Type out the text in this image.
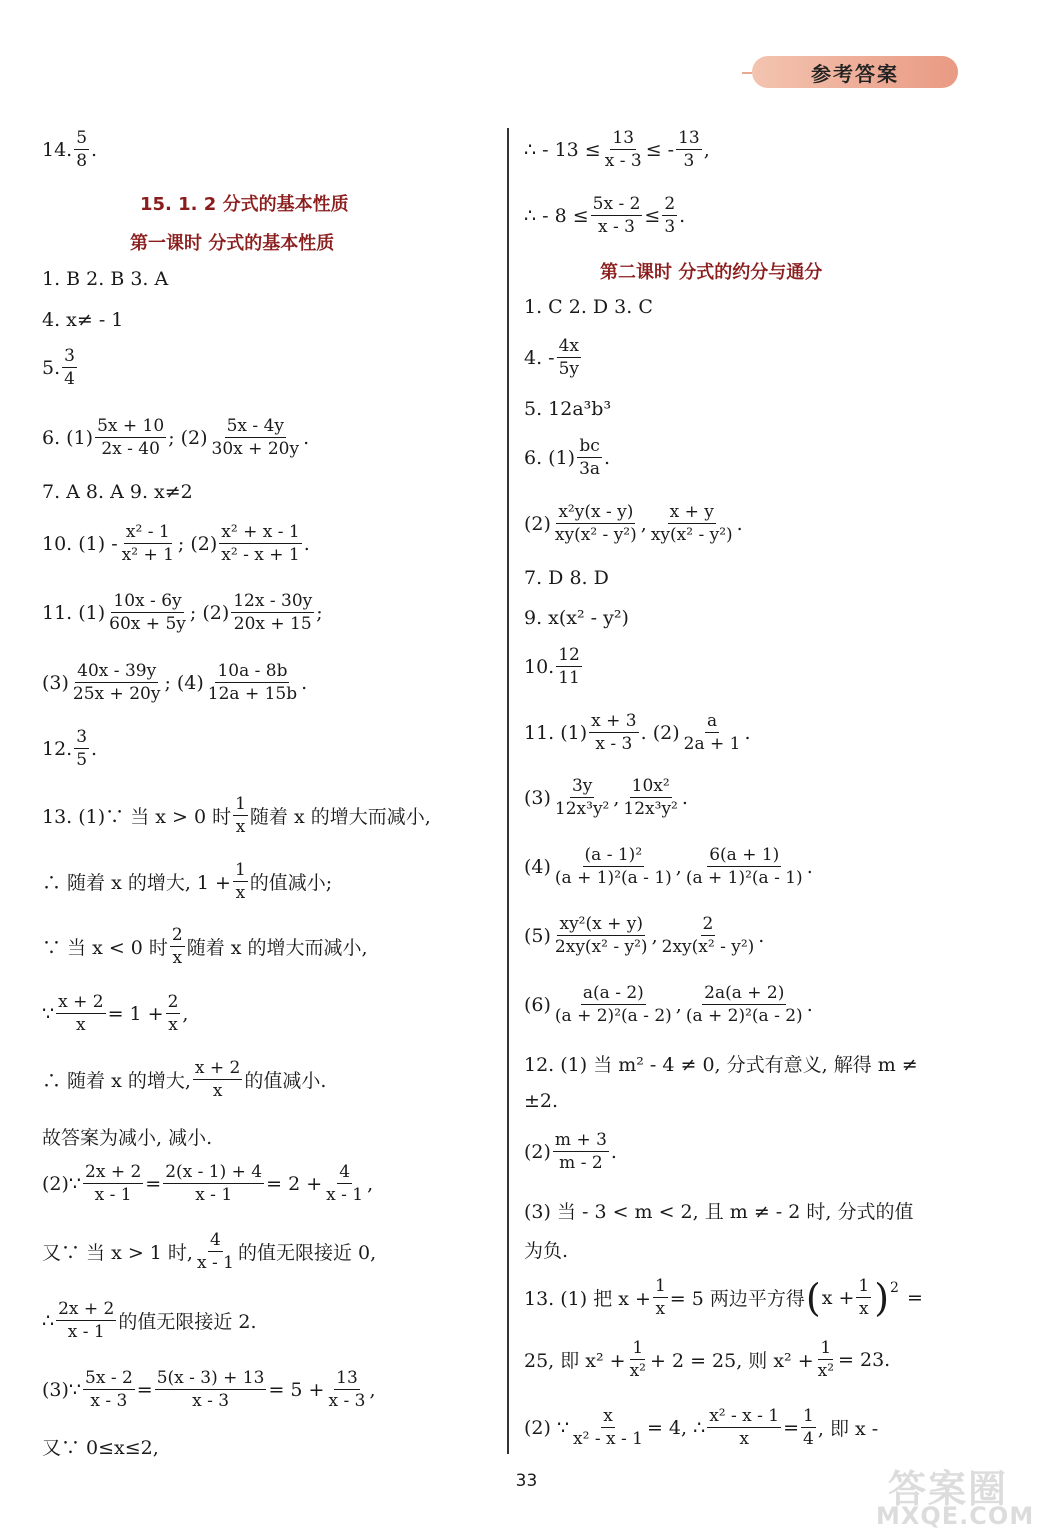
参考答案
14. $\frac{5}{8}$ .
15. 1. 2 分式的基本性质
第一课时 分式的基本性质
1. B 2. B 3. A
4. x≠ - 1
5. $\frac{3}{4}$
6. $(1) \frac{5x + 10}{2x - 40}$ ; $(2) \frac{5x - 4y}{30x + 20y}$ .
7. A 8. A 9. x≠2
10. $(1) - \frac{\text{x² - 1}}{\text{x² + 1}}$ ; $(2) \frac{\text{x² + x - 1}}{\text{x² - x + 1}}$ .
11. $(1) \frac{10x - 6y}{60x + 5y}$ ; $(2) \frac{12x - 30y}{20x + 15}$ ;
$(3) \frac{40x - 39y}{25x + 20y}$ ; $(4) \frac{10a - 8b}{12a + 15b}$ .
12. $\frac{3}{5}$ .
13. (1)∵ 当 x > 0 时 $\frac{1}{x}$ 随着 x 的增大而减小,
∴ 随着 x 的增大, $1 + \frac{1}{x}$ 的值减小;
∵ 当 x < 0 时 $\frac{2}{x}$ 随着 x 的增大而减小,
∵ $\frac{x + 2}{x} = 1 + \frac{2}{x}$ ,
∴ 随着 x 的增大, $\frac{x + 2}{x}$ 的值减小.
故答案为减小, 减小.
(2)∵ $\frac{2x + 2}{x - 1} = \frac{2(x - 1) + 4}{x - 1} = 2 + \frac{4}{x - 1}$ ,
又∵ 当 x > 1 时, $\frac{4}{x - 1}$ 的值无限接近 0,
∴ $\frac{2x + 2}{x - 1}$ 的值无限接近 2.
(3)∵ $\frac{5x - 2}{x - 3} = \frac{5(x - 3) + 13}{x - 3} = 5 + \frac{13}{x - 3}$ ,
又∵ 0≤x≤2,
∴ - $13 \le \frac{13}{x - 3}$ ≤ - $\frac{13}{3}$ ,
∴ - $8 \le \frac{5x - 2}{x - 3} \le \frac{2}{3}$ .
第二课时 分式的约分与通分
1. C 2. D 3. C
4. - $\frac{4x}{5y}$
5. 12a³b³
6. $(1) \frac{bc}{3a}$ .
$(2) \frac{\text{x²y(x - y)}}{\text{xy(x² - y²)}}$ , $\frac{x + y}{\text{xy(x² - y²)}}$ .
7. D 8. D
9. x(x² - y²)
10. $\frac{12}{11}$
11. $(1) \frac{x + 3}{x - 3}$ . $(2) \frac{a}{2a + 1}$ .
$(3) \frac{3y}{\text{12x³y²}}$ , $\frac{\text{10x²}}{\text{12x³y²}}$ .
$(4) \frac{\text{(a - 1)²}}{\text{(a + 1)²(a - 1)}}$ , $\frac{6(a + 1)}{\text{(a + 1)²(a - 1)}}$ .
$(5) \frac{\text{xy²(x + y)}}{\text{2xy(x² - y²)}}$ , $\frac{2}{\text{2xy(x² - y²)}}$ .
$(6) \frac{a(a - 2)}{\text{(a + 2)²(a - 2)}}$ , $\frac{2a(a + 2)}{\text{(a + 2)²(a - 2)}}$ .
12. (1) 当 m² - 4 ≠ 0, 分式有意义, 解得 m ≠
±2.
$(2) \frac{m + 3}{m - 2}$ .
(3) 当 - 3 < m < 2, 且 m ≠ - 2 时, 分式的值
为负.
13. (1) 把 $x + \frac{1}{x} = 5$ 两边平方得 ( $x + \frac{1}{x} )^2$ =
25, 即 $x^2 + \frac{1}{\text{x²}} + 2 = 25$, 则 $x^2 + \frac{1}{\text{x²}} = 23$.
(2) ∵ $\frac{x}{\text{x² - x - 1}} = 4$, ∴ $\frac{\text{x² - x - 1}}{x} = \frac{1}{4}$ , 即 x -
33	答案圈
MXQE.COM
